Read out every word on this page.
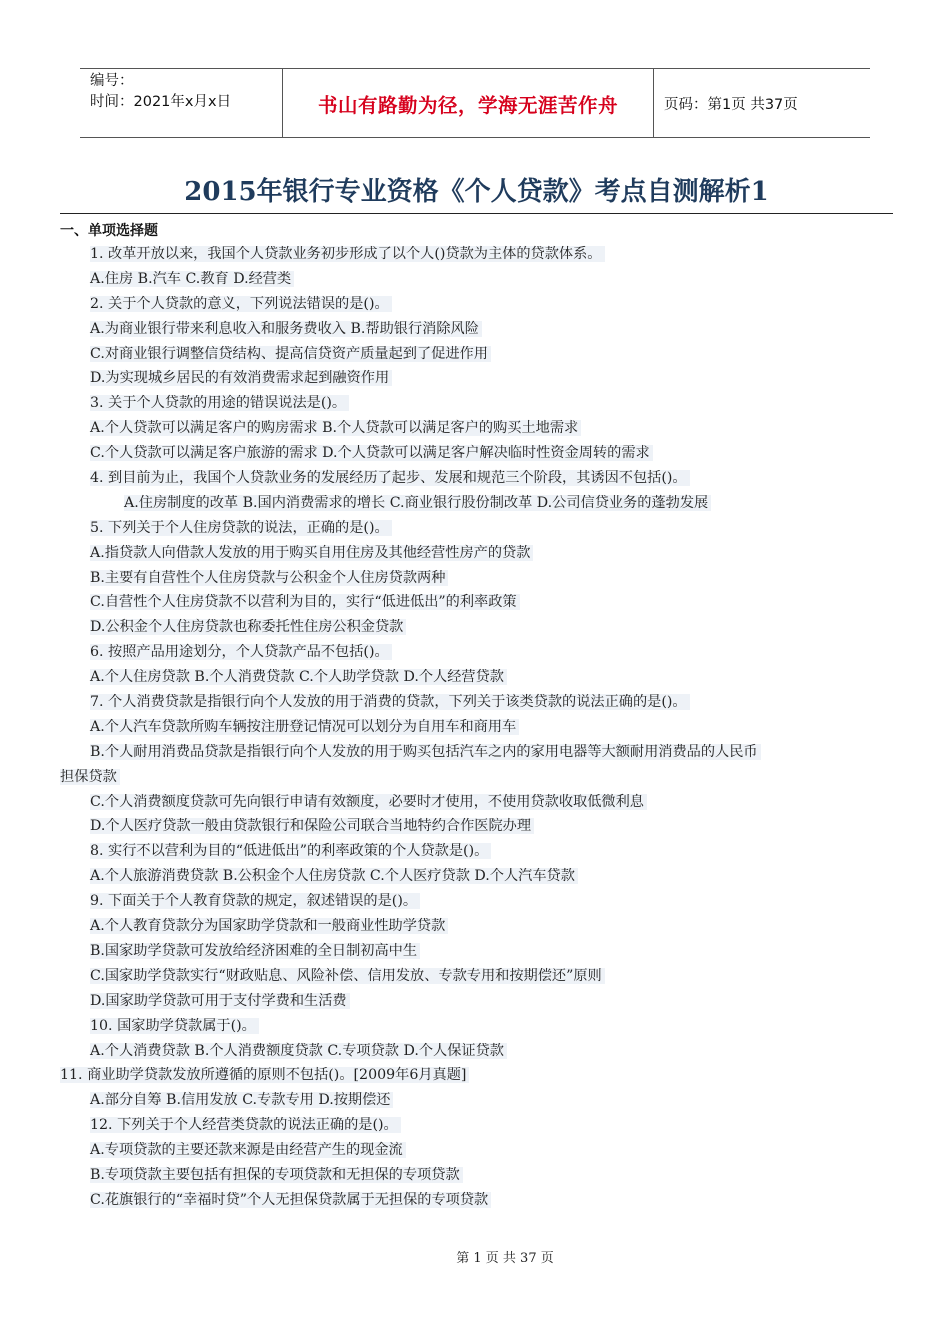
编号：
时间：2021年x月x日	书山有路勤为径，学海无涯苦作舟	页码：第1页 共37页
2015年银行专业资格《个人贷款》考点自测解析1
一、单项选择题
1. 改革开放以来，我国个人贷款业务初步形成了以个人()贷款为主体的贷款体系。
A.住房 B.汽车 C.教育 D.经营类
2. 关于个人贷款的意义，下列说法错误的是()。
A.为商业银行带来利息收入和服务费收入 B.帮助银行消除风险
C.对商业银行调整信贷结构、提高信贷资产质量起到了促进作用
D.为实现城乡居民的有效消费需求起到融资作用
3. 关于个人贷款的用途的错误说法是()。
A.个人贷款可以满足客户的购房需求 B.个人贷款可以满足客户的购买土地需求
C.个人贷款可以满足客户旅游的需求 D.个人贷款可以满足客户解决临时性资金周转的需求
4. 到目前为止，我国个人贷款业务的发展经历了起步、发展和规范三个阶段，其诱因不包括()。
A.住房制度的改革 B.国内消费需求的增长 C.商业银行股份制改革 D.公司信贷业务的蓬勃发展
5. 下列关于个人住房贷款的说法，正确的是()。
A.指贷款人向借款人发放的用于购买自用住房及其他经营性房产的贷款
B.主要有自营性个人住房贷款与公积金个人住房贷款两种
C.自营性个人住房贷款不以营利为目的，实行“低进低出”的利率政策
D.公积金个人住房贷款也称委托性住房公积金贷款
6. 按照产品用途划分，个人贷款产品不包括()。
A.个人住房贷款 B.个人消费贷款 C.个人助学贷款 D.个人经营贷款
7. 个人消费贷款是指银行向个人发放的用于消费的贷款，下列关于该类贷款的说法正确的是()。
A.个人汽车贷款所购车辆按注册登记情况可以划分为自用车和商用车
B.个人耐用消费品贷款是指银行向个人发放的用于购买包括汽车之内的家用电器等大额耐用消费品的人民币
担保贷款
C.个人消费额度贷款可先向银行申请有效额度，必要时才使用，不使用贷款收取低微利息
D.个人医疗贷款一般由贷款银行和保险公司联合当地特约合作医院办理
8. 实行不以营利为目的“低进低出”的利率政策的个人贷款是()。
A.个人旅游消费贷款 B.公积金个人住房贷款 C.个人医疗贷款 D.个人汽车贷款
9. 下面关于个人教育贷款的规定，叙述错误的是()。
A.个人教育贷款分为国家助学贷款和一般商业性助学贷款
B.国家助学贷款可发放给经济困难的全日制初高中生
C.国家助学贷款实行“财政贴息、风险补偿、信用发放、专款专用和按期偿还”原则
D.国家助学贷款可用于支付学费和生活费
10. 国家助学贷款属于()。
A.个人消费贷款 B.个人消费额度贷款 C.专项贷款 D.个人保证贷款
11. 商业助学贷款发放所遵循的原则不包括()。[2009年6月真题]
A.部分自筹 B.信用发放 C.专款专用 D.按期偿还
12. 下列关于个人经营类贷款的说法正确的是()。
A.专项贷款的主要还款来源是由经营产生的现金流
B.专项贷款主要包括有担保的专项贷款和无担保的专项贷款
C.花旗银行的“幸福时贷”个人无担保贷款属于无担保的专项贷款
第 1 页 共 37 页
